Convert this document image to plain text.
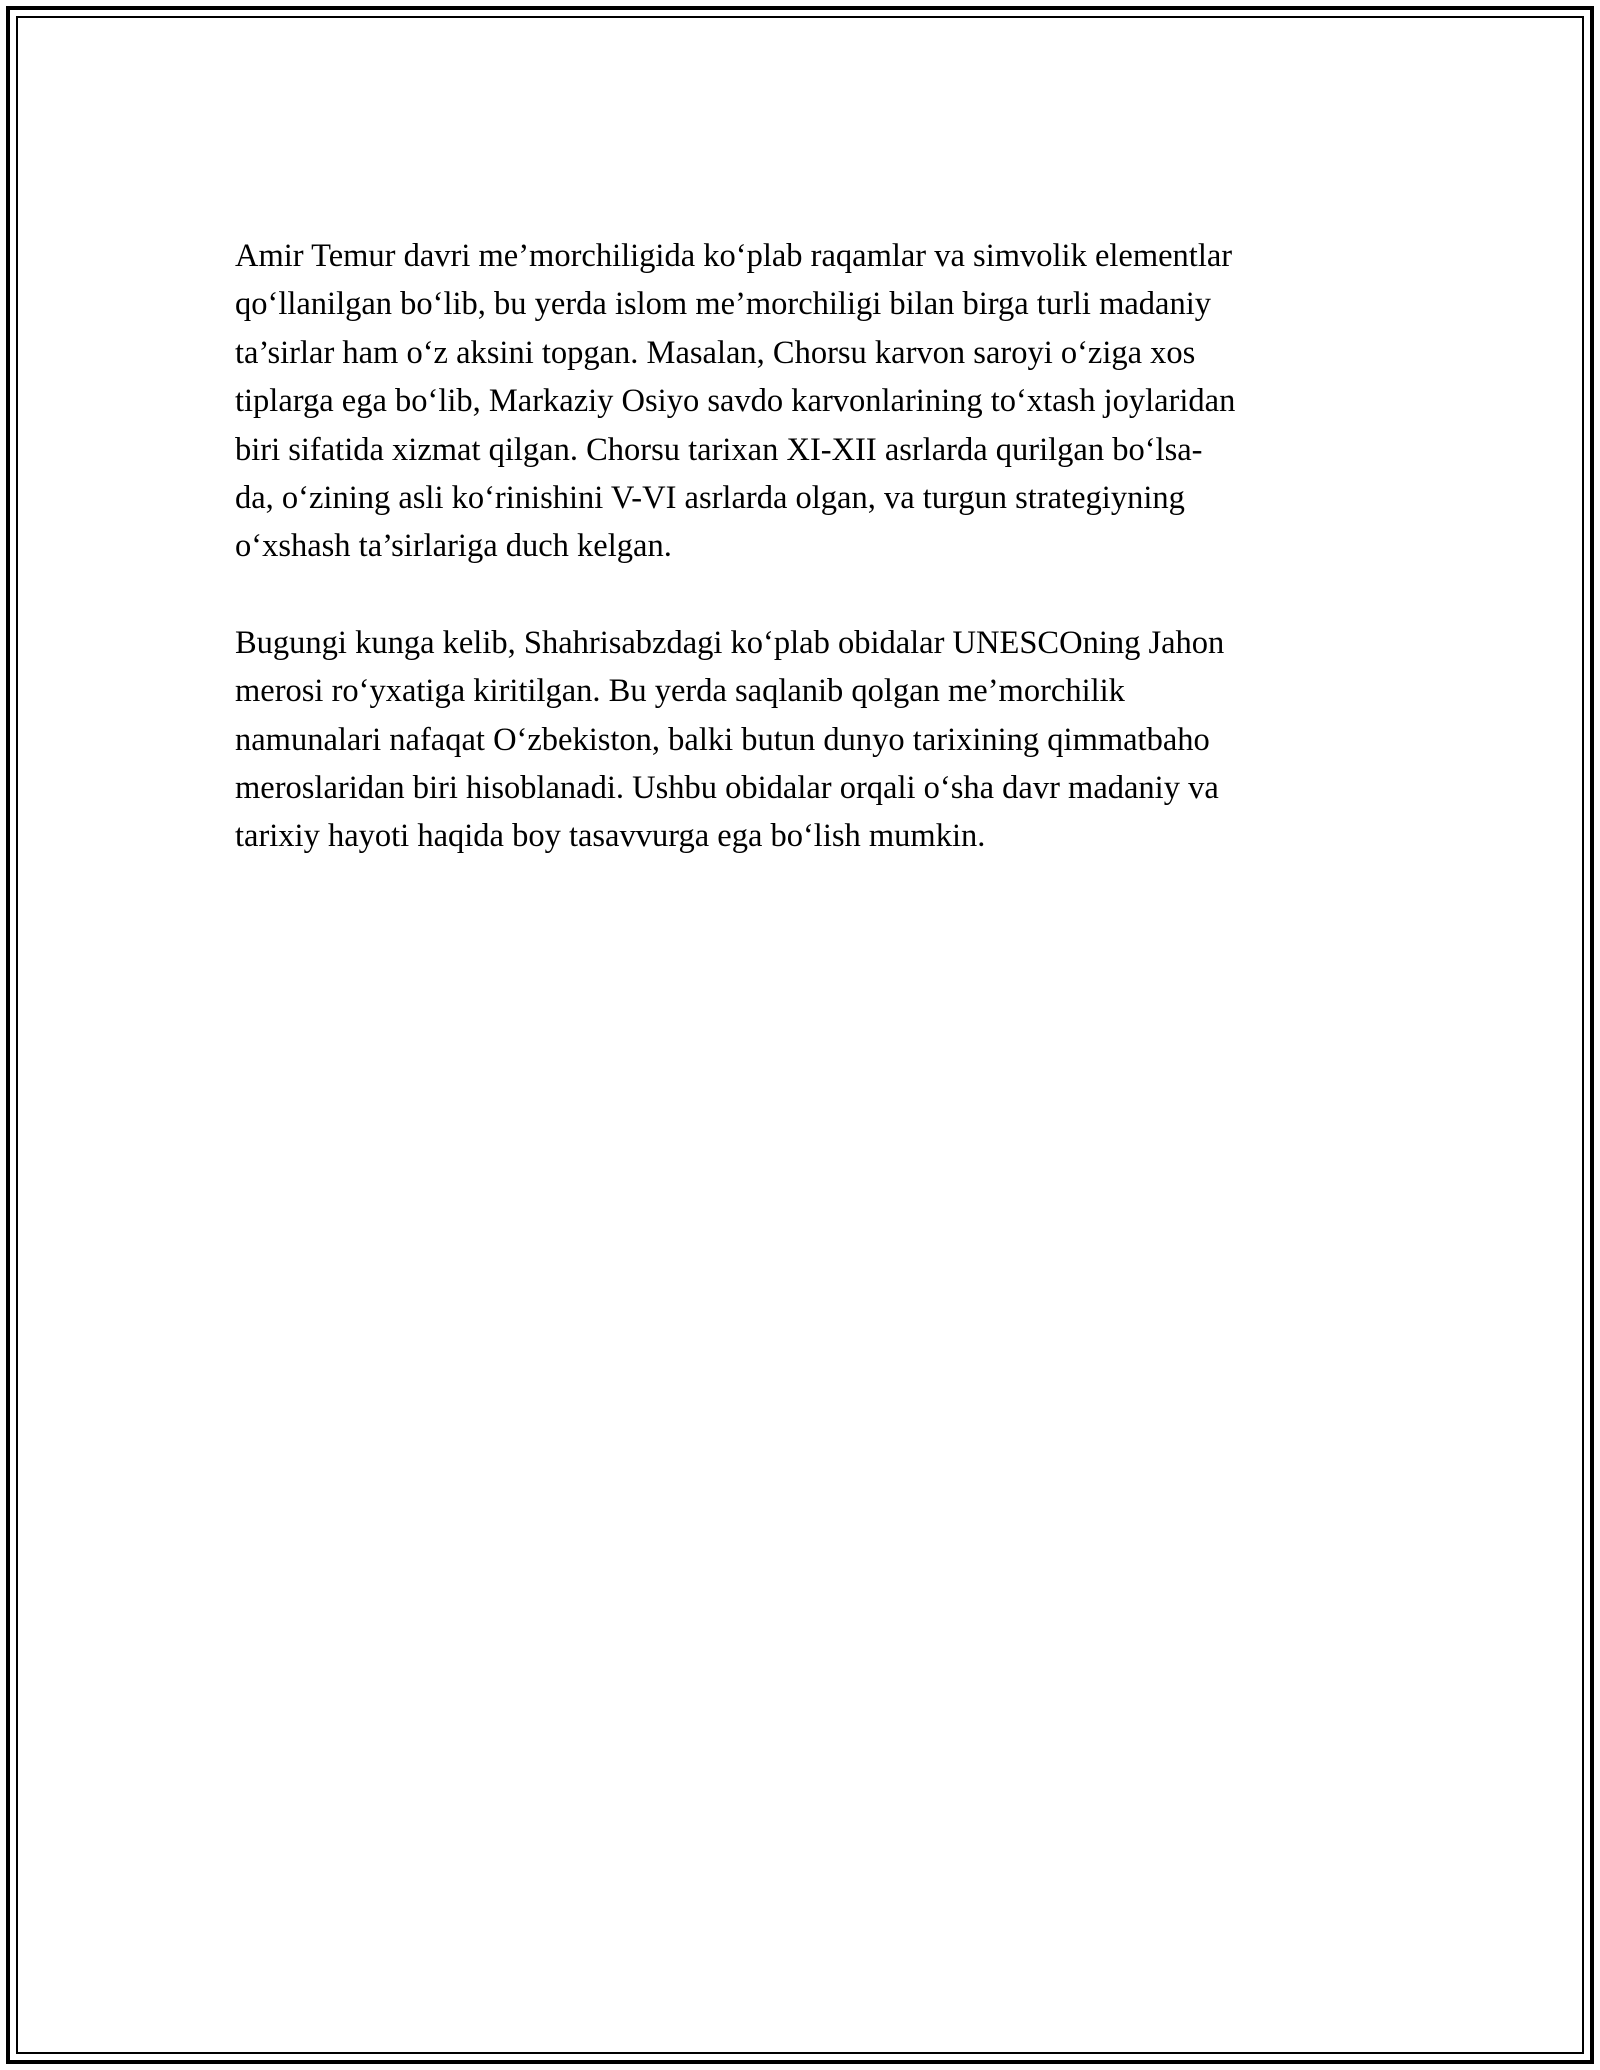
Amir Temur davri me’morchiligida ko‘plab raqamlar va simvolik elementlar
qo‘llanilgan bo‘lib, bu yerda islom me’morchiligi bilan birga turli madaniy
ta’sirlar ham o‘z aksini topgan. Masalan, Chorsu karvon saroyi o‘ziga xos
tiplarga ega bo‘lib, Markaziy Osiyo savdo karvonlarining to‘xtash joylaridan
biri sifatida xizmat qilgan. Chorsu tarixan XI-XII asrlarda qurilgan bo‘lsa-
da, o‘zining asli ko‘rinishini V-VI asrlarda olgan, va turgun strategiyning
o‘xshash ta’sirlariga duch kelgan.

Bugungi kunga kelib, Shahrisabzdagi ko‘plab obidalar UNESCOning Jahon
merosi ro‘yxatiga kiritilgan. Bu yerda saqlanib qolgan me’morchilik
namunalari nafaqat O‘zbekiston, balki butun dunyo tarixining qimmatbaho
meroslaridan biri hisoblanadi. Ushbu obidalar orqali o‘sha davr madaniy va
tarixiy hayoti haqida boy tasavvurga ega bo‘lish mumkin.
